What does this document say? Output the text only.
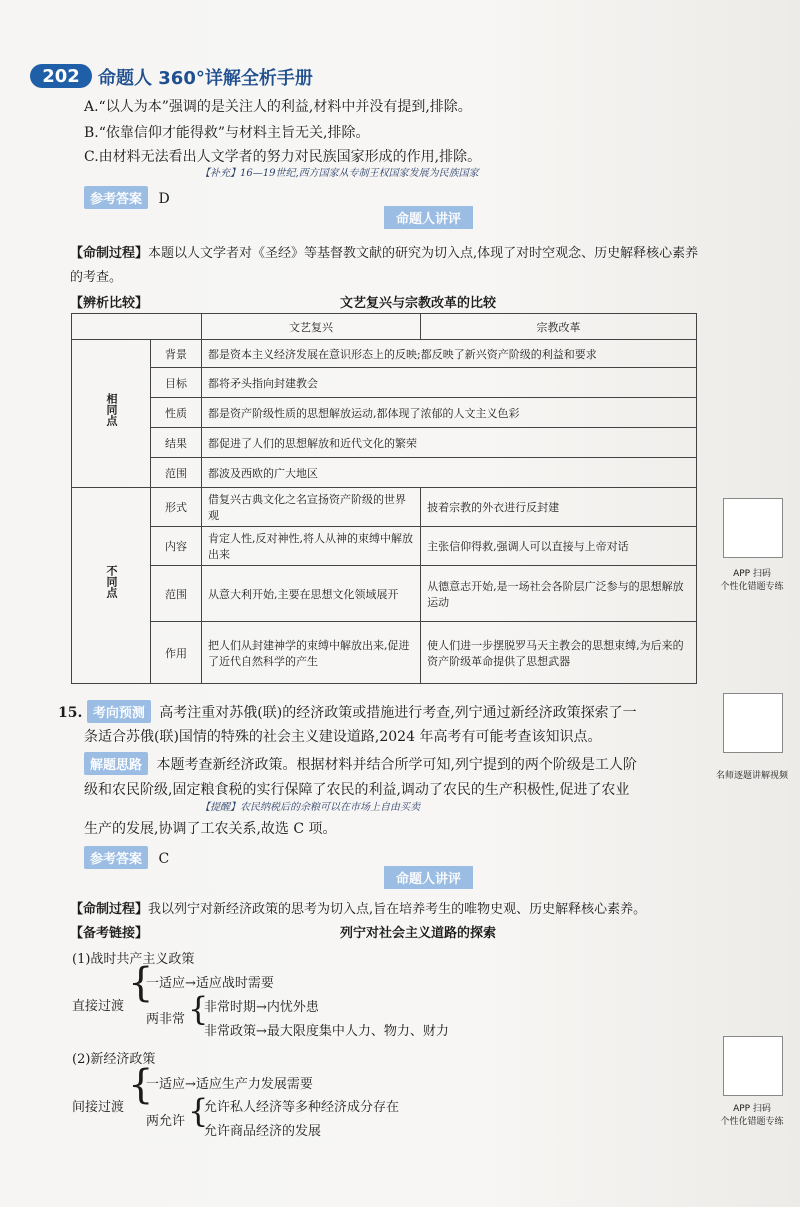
202	命题人 360°详解全析手册
A.“以人为本”强调的是关注人的利益,材料中并没有提到,排除。
B.“依靠信仰才能得救”与材料主旨无关,排除。
C.由材料无法看出人文学者的努力对民族国家形成的作用,排除。
【补充】16—19世纪,西方国家从专制王权国家发展为民族国家
参考答案 D
命题人讲评
【命制过程】本题以人文学者对《圣经》等基督教文献的研究为切入点,体现了对时空观念、历史解释核心素养
的考查。
【辨析比较】	文艺复兴与宗教改革的比较
		文艺复兴	宗教改革
相同点	背景	都是资本主义经济发展在意识形态上的反映;都反映了新兴资产阶级的利益和要求	
	目标	都将矛头指向封建教会	
	性质	都是资产阶级性质的思想解放运动,都体现了浓郁的人文主义色彩	
	结果	都促进了人们的思想解放和近代文化的繁荣	
	范围	都波及西欧的广大地区	
不同点	形式	借复兴古典文化之名宣扬资产阶级的世界观	披着宗教的外衣进行反封建
	内容	肯定人性,反对神性,将人从神的束缚中解放出来	主张信仰得救,强调人可以直接与上帝对话
	范围	从意大利开始,主要在思想文化领域展开	从德意志开始,是一场社会各阶层广泛参与的思想解放运动
	作用	把人们从封建神学的束缚中解放出来,促进了近代自然科学的产生	使人们进一步摆脱罗马天主教会的思想束缚,为后来的资产阶级革命提供了思想武器
APP 扫码
个性化错题专练
名师逐题讲解视频
APP 扫码
个性化错题专练
15. 考向预测 高考注重对苏俄(联)的经济政策或措施进行考查,列宁通过新经济政策探索了一
条适合苏俄(联)国情的特殊的社会主义建设道路,2024 年高考有可能考查该知识点。
解题思路 本题考查新经济政策。根据材料并结合所学可知,列宁提到的两个阶级是工人阶
级和农民阶级,固定粮食税的实行保障了农民的利益,调动了农民的生产积极性,促进了农业
【提醒】农民纳税后的余粮可以在市场上自由买卖
生产的发展,协调了工农关系,故选 C 项。
参考答案 C
命题人讲评
【命制过程】我以列宁对新经济政策的思考为切入点,旨在培养考生的唯物史观、历史解释核心素养。
【备考链接】	列宁对社会主义道路的探索
(1)战时共产主义政策
直接过渡
{
一适应→适应战时需要
两非常 {
非常时期→内忧外患
非常政策→最大限度集中人力、物力、财力
(2)新经济政策
间接过渡 {
一适应→适应生产力发展需要
两允许 {
允许私人经济等多种经济成分存在
允许商品经济的发展
